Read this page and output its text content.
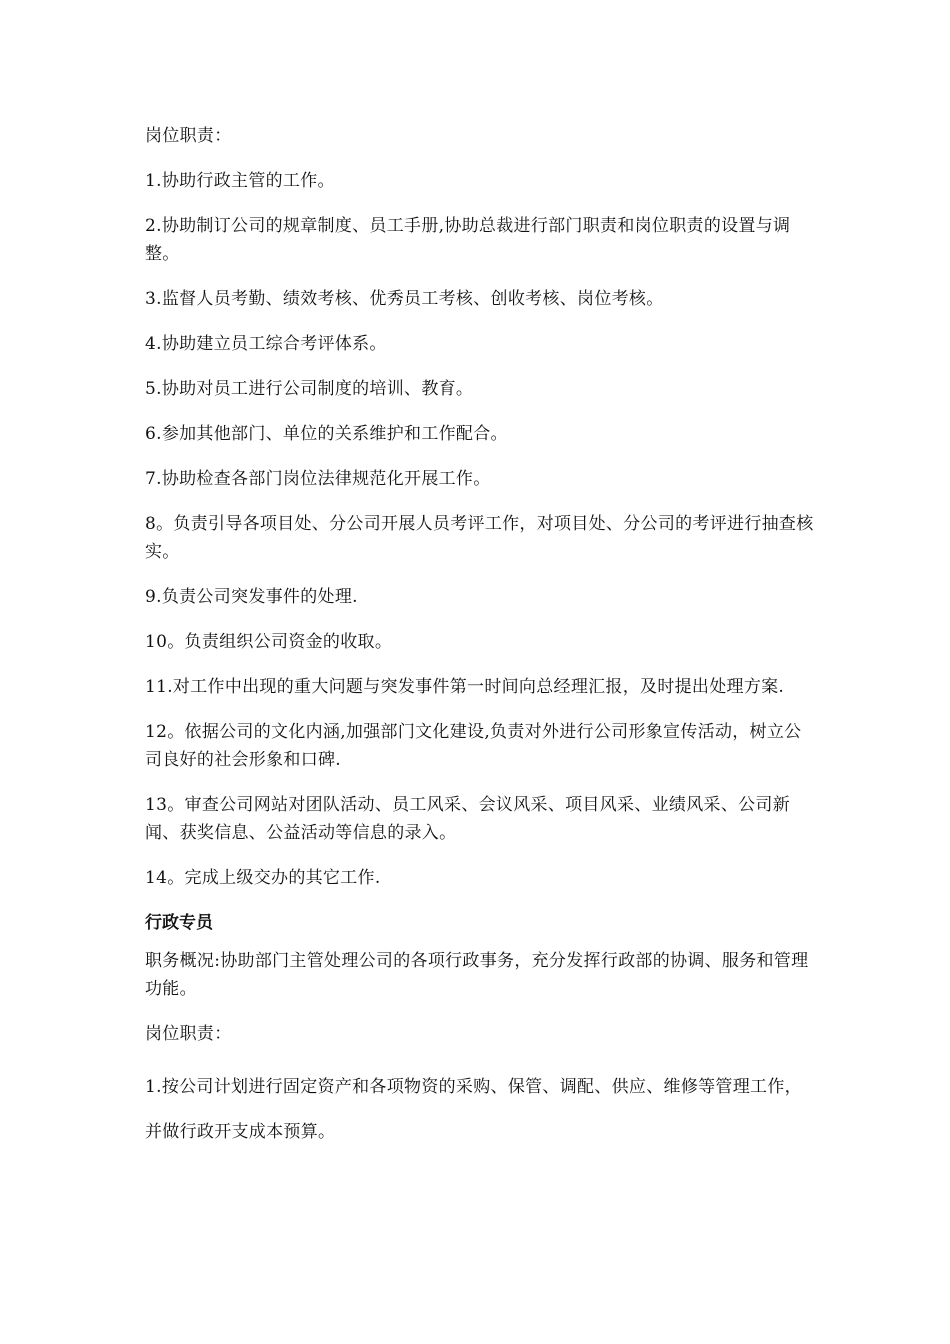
岗位职责：

1.协助行政主管的工作。

2.协助制订公司的规章制度、员工手册,协助总裁进行部门职责和岗位职责的设置与调整。

3.监督人员考勤、绩效考核、优秀员工考核、创收考核、岗位考核。

4.协助建立员工综合考评体系。

5.协助对员工进行公司制度的培训、教育。

6.参加其他部门、单位的关系维护和工作配合。

7.协助检查各部门岗位法律规范化开展工作。

8。负责引导各项目处、分公司开展人员考评工作，对项目处、分公司的考评进行抽查核实。

9.负责公司突发事件的处理.

10。负责组织公司资金的收取。

11.对工作中出现的重大问题与突发事件第一时间向总经理汇报，及时提出处理方案.

12。依据公司的文化内涵,加强部门文化建设,负责对外进行公司形象宣传活动，树立公司良好的社会形象和口碑.

13。审查公司网站对团队活动、员工风采、会议风采、项目风采、业绩风采、公司新闻、获奖信息、公益活动等信息的录入。

14。完成上级交办的其它工作.

行政专员

职务概况:协助部门主管处理公司的各项行政事务，充分发挥行政部的协调、服务和管理功能。

岗位职责：

1.按公司计划进行固定资产和各项物资的采购、保管、调配、供应、维修等管理工作，并做行政开支成本预算。
